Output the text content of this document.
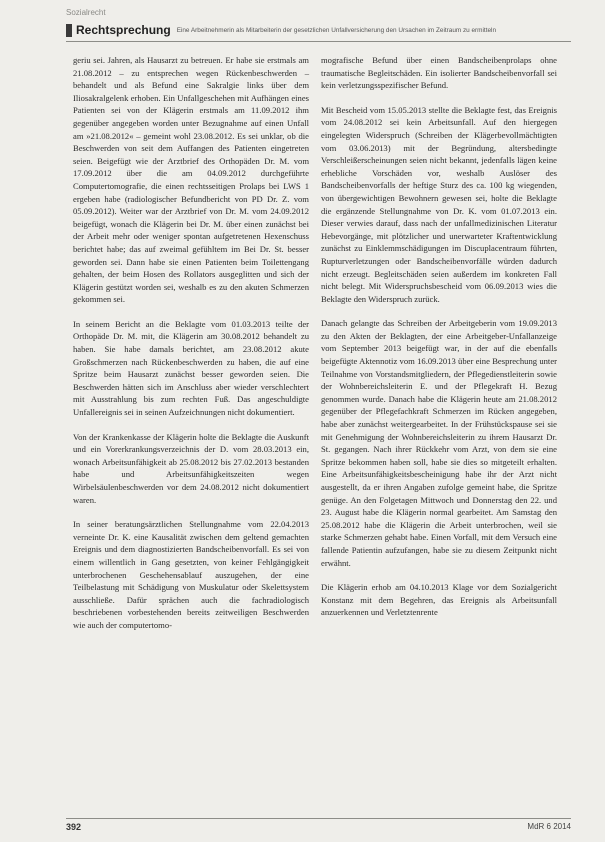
Sozialrecht
Rechtsprechung Eine Arbeitnehmerin als Mitarbeiterin der gesetzlichen Unfallversicherung den Ursachen im Zeitraum zu ermitteln

geriu sei. Jahren, als Hausarzt zu betreuen. Er habe sie erstmals am 21.08.2012 – zu entsprechen wegen Rückenbeschwerden – behandelt und als Befund eine Sakralgie links über dem Iliosakralgelenk erhoben. Ein Unfallgeschehen mit Aufhängen eines Patienten sei von der Klägerin erstmals am 11.09.2012 ihm gegenüber angegeben worden unter Bezugnahme auf einen Unfall am »21.08.2012« – gemeint wohl 23.08.2012. Es sei unklar, ob die Beschwerden von seit dem Auffangen des Patienten eingetreten seien. Beigefügt wie der Arztbrief des Orthopäden Dr. M. vom 17.09.2012 über die am 04.09.2012 durchgeführte Computertomografie, die einen rechtsseitigen Prolaps bei LWS 1 ergeben habe (radiologischer Befundbericht von PD Dr. Z. vom 05.09.2012). Weiter war der Arztbrief von Dr. M. vom 24.09.2012 beigefügt, wonach die Klägerin bei Dr. M. über einen zunächst bei der Arbeit mehr oder weniger spontan aufgetretenen Hexenschuss berichtet habe; das auf zweimal gefühltem im Bei Dr. St. besser geworden sei. Dann habe sie einen Patienten beim Toilettengang gehalten, der beim Hosen des Rollators ausgeglitten und sich der Klägerin gestützt worden sei, weshalb es zu den akuten Schmerzen gekommen sei.

In seinem Bericht an die Beklagte vom 01.03.2013 teilte der Orthopäde Dr. M. mit, die Klägerin am 30.08.2012 behandelt zu haben. Sie habe damals berichtet, am 23.08.2012 akute Großschmerzen nach Rückenbeschwerden zu haben, die auf eine Spritze beim Hausarzt zunächst besser geworden seien. Die Beschwerden hätten sich im Anschluss aber wieder verschlechtert mit Ausstrahlung bis zum rechten Fuß. Das angeschuldigte Unfallereignis sei in seinen Aufzeichnungen nicht dokumentiert.

Von der Krankenkasse der Klägerin holte die Beklagte die Auskunft und ein Vorerkrankungsverzeichnis der D. vom 28.03.2013 ein, wonach Arbeitsunfähigkeit ab 25.08.2012 bis 27.02.2013 bestanden habe und Arbeitsunfähigkeitszeiten wegen Wirbelsäulenbeschwerden vor dem 24.08.2012 nicht dokumentiert waren.

In seiner beratungsärztlichen Stellungnahme vom 22.04.2013 verneinte Dr. K. eine Kausalität zwischen dem geltend gemachten Ereignis und dem diagnostizierten Bandscheibenvorfall. Es sei von einem willentlich in Gang gesetzten, von keiner Fehlgängigkeit unterbrochenen Geschehensablauf auszugehen, der eine Teilbelastung mit Schädigung von Muskulatur oder Skelettsystem ausschließe. Dafür sprächen auch die fachradiologisch beschriebenen vorbestehenden bereits zeitweiligen Beschwerden wie auch der computertomo-

mografische Befund über einen Bandscheibenprolaps ohne traumatische Begleitschäden. Ein isolierter Bandscheibenvorfall sei kein verletzungsspezifischer Befund.

Mit Bescheid vom 15.05.2013 stellte die Beklagte fest, das Ereignis vom 24.08.2012 sei kein Arbeitsunfall. Auf den hiergegen eingelegten Widerspruch (Schreiben der Klägerbevollmächtigten vom 03.06.2013) mit der Begründung, altersbedingte Verschleißerscheinungen seien nicht bekannt, jedenfalls lägen keine erhebliche Vorschäden vor, weshalb Auslöser des Bandscheibenvorfalls der heftige Sturz des ca. 100 kg wiegenden, von übergewichtigen Bewohnern gewesen sei, holte die Beklagte die ergänzende Stellungnahme von Dr. K. vom 01.07.2013 ein. Dieser verwies darauf, dass nach der unfallmedizinischen Literatur Hebevorgänge, mit plötzlicher und unerwarteter Kraftentwicklung zunächst zu Einklemmschädigungen im Discuplacentraum führten, Rupturverletzungen oder Bandscheibenvorfälle würden dadurch nicht erzeugt. Begleitschäden seien außerdem im konkreten Fall nicht belegt. Mit Widerspruchsbescheid vom 06.09.2013 wies die Beklagte den Widerspruch zurück.

Danach gelangte das Schreiben der Arbeitgeberin vom 19.09.2013 zu den Akten der Beklagten, der eine Arbeitgeber-Unfallanzeige vom September 2013 beigefügt war, in der auf die ebenfalls beigefügte Aktennotiz vom 16.09.2013 über eine Besprechung unter Teilnahme von Vorstandsmitgliedern, der Pflegedienstleiterin sowie der Wohnbereichsleiterin E. und der Pflegekraft H. Bezug genommen wurde. Danach habe die Klägerin heute am 21.08.2012 gegenüber der Pflegefachkraft Schmerzen im Rücken angegeben, habe aber zunächst weitergearbeitet. In der Frühstückspause sei sie mit Genehmigung der Wohnbereichsleiterin zu ihrem Hausarzt Dr. St. gegangen. Nach ihrer Rückkehr vom Arzt, von dem sie eine Spritze bekommen haben soll, habe sie dies so mitgeteilt erhalten. Eine Arbeitsunfähigkeitsbescheinigung habe ihr der Arzt nicht ausgestellt, da er ihren Angaben zufolge gemeint habe, die Spritze genüge. An den Folgetagen Mittwoch und Donnerstag den 22. und 23. August habe die Klägerin normal gearbeitet. Am Samstag den 25.08.2012 habe die Klägerin die Arbeit unterbrochen, weil sie starke Schmerzen gehabt habe. Einen Vorfall, mit dem Versuch eine fallende Patientin aufzufangen, habe sie zu diesem Zeitpunkt nicht erwähnt.

Die Klägerin erhob am 04.10.2013 Klage vor dem Sozialgericht Konstanz mit dem Begehren, das Ereignis als Arbeitsunfall anzuerkennen und Verletztenrente

392	MdR 6 2014
